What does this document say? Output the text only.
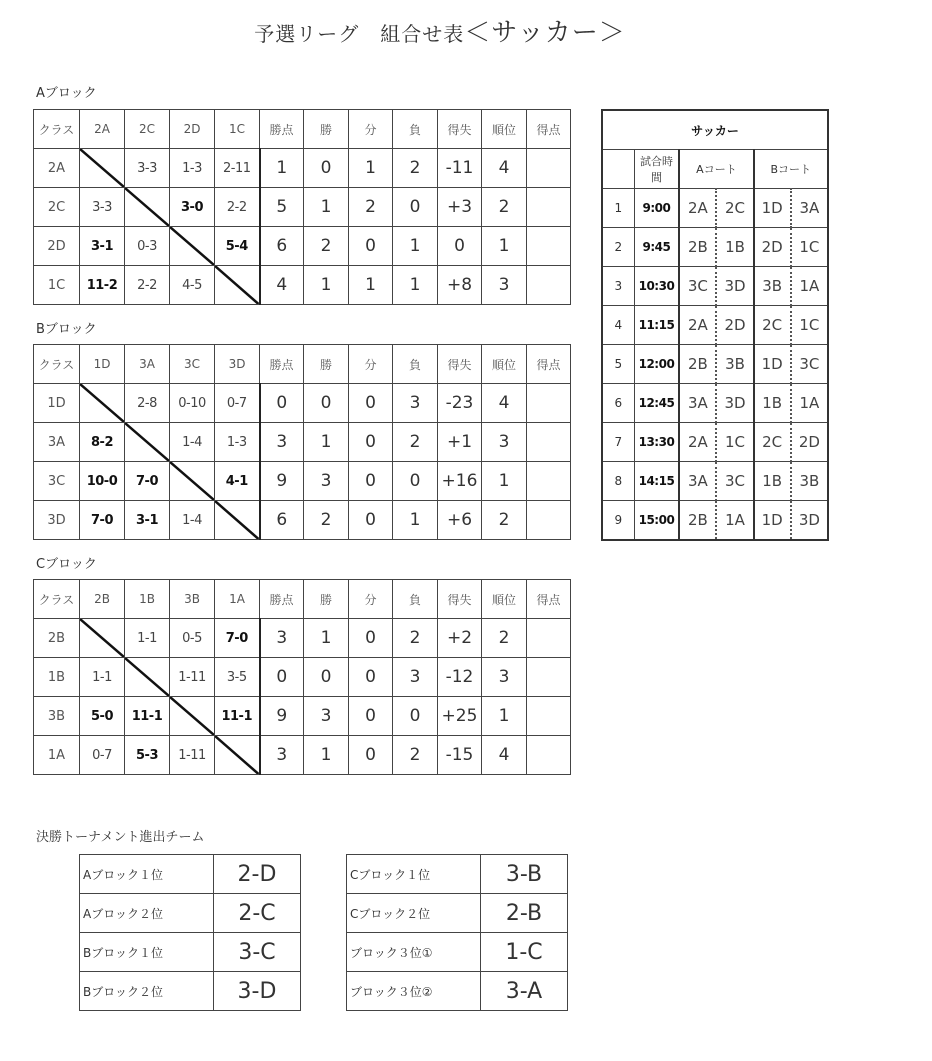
予選リーグ　組合せ表＜サッカー＞
Aブロック
クラス	2A	2C	2D	1C	勝点	勝	分	負	得失	順位	得点
2A		3-3	1-3	2-11	1	0	1	2	-11	4	
2C	3-3		3-0	2-2	5	1	2	0	+3	2	
2D	3-1	0-3		5-4	6	2	0	1	0	1	
1C	11-2	2-2	4-5		4	1	1	1	+8	3	
Bブロック
クラス	1D	3A	3C	3D	勝点	勝	分	負	得失	順位	得点
1D		2-8	0-10	0-7	0	0	0	3	-23	4	
3A	8-2		1-4	1-3	3	1	0	2	+1	3	
3C	10-0	7-0		4-1	9	3	0	0	+16	1	
3D	7-0	3-1	1-4		6	2	0	1	+6	2	
Cブロック
クラス	2B	1B	3B	1A	勝点	勝	分	負	得失	順位	得点
2B		1-1	0-5	7-0	3	1	0	2	+2	2	
1B	1-1		1-11	3-5	0	0	0	3	-12	3	
3B	5-0	11-1		11-1	9	3	0	0	+25	1	
1A	0-7	5-3	1-11		3	1	0	2	-15	4	
サッカー					
	試合時間	Aコート		Bコート	
1	9:00	2A	2C	1D	3A
2	9:45	2B	1B	2D	1C
3	10:30	3C	3D	3B	1A
4	11:15	2A	2D	2C	1C
5	12:00	2B	3B	1D	3C
6	12:45	3A	3D	1B	1A
7	13:30	2A	1C	2C	2D
8	14:15	3A	3C	1B	3B
9	15:00	2B	1A	1D	3D
決勝トーナメント進出チーム
Aブロック１位	2-D
Aブロック２位	2-C
Bブロック１位	3-C
Bブロック２位	3-D
Cブロック１位	3-B
Cブロック２位	2-B
ブロック３位①	1-C
ブロック３位②	3-A
